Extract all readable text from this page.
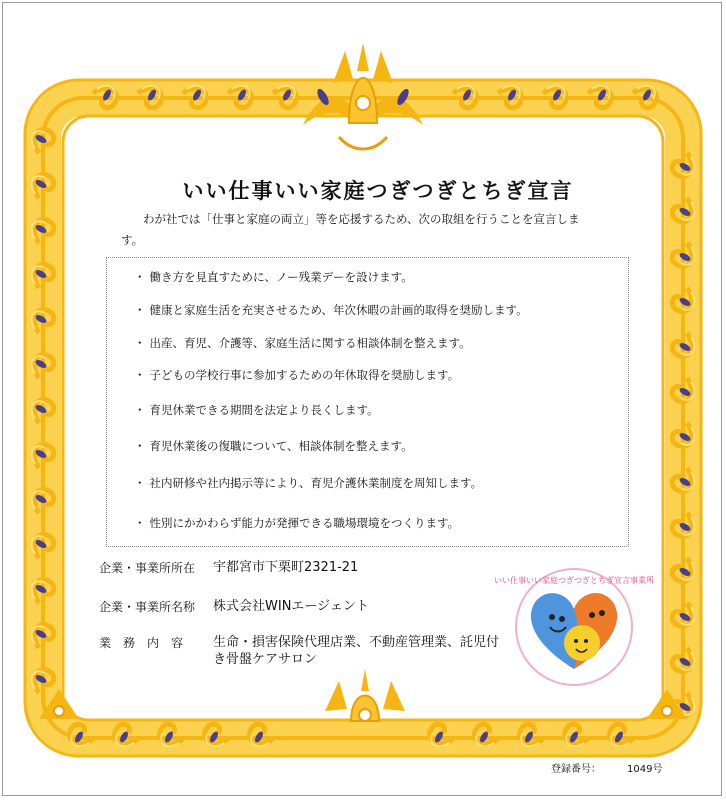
いい仕事いい家庭つぎつぎとちぎ宣言
わが社では「仕事と家庭の両立」等を応援するため、次の取組を行うことを宣言します。
・ 働き方を見直すために、ノー残業デーを設けます。
・ 健康と家庭生活を充実させるため、年次休暇の計画的取得を奨励します。
・ 出産、育児、介護等、家庭生活に関する相談体制を整えます。
・ 子どもの学校行事に参加するための年休取得を奨励します。
・ 育児休業できる期間を法定より長くします。
・ 育児休業後の復職について、相談体制を整えます。
・ 社内研修や社内掲示等により、育児介護休業制度を周知します。
・ 性別にかかわらず能力が発揮できる職場環境をつくります。
企業・事業所所在	宇都宮市下栗町2321-21
企業・事業所名称	株式会社WINエージェント
業　務　内　容	生命・損害保険代理店業、不動産管理業、託児付き骨盤ケアサロン
いい仕事いい家庭つぎつぎとちぎ宣言事業所
登録番号：	1049号
